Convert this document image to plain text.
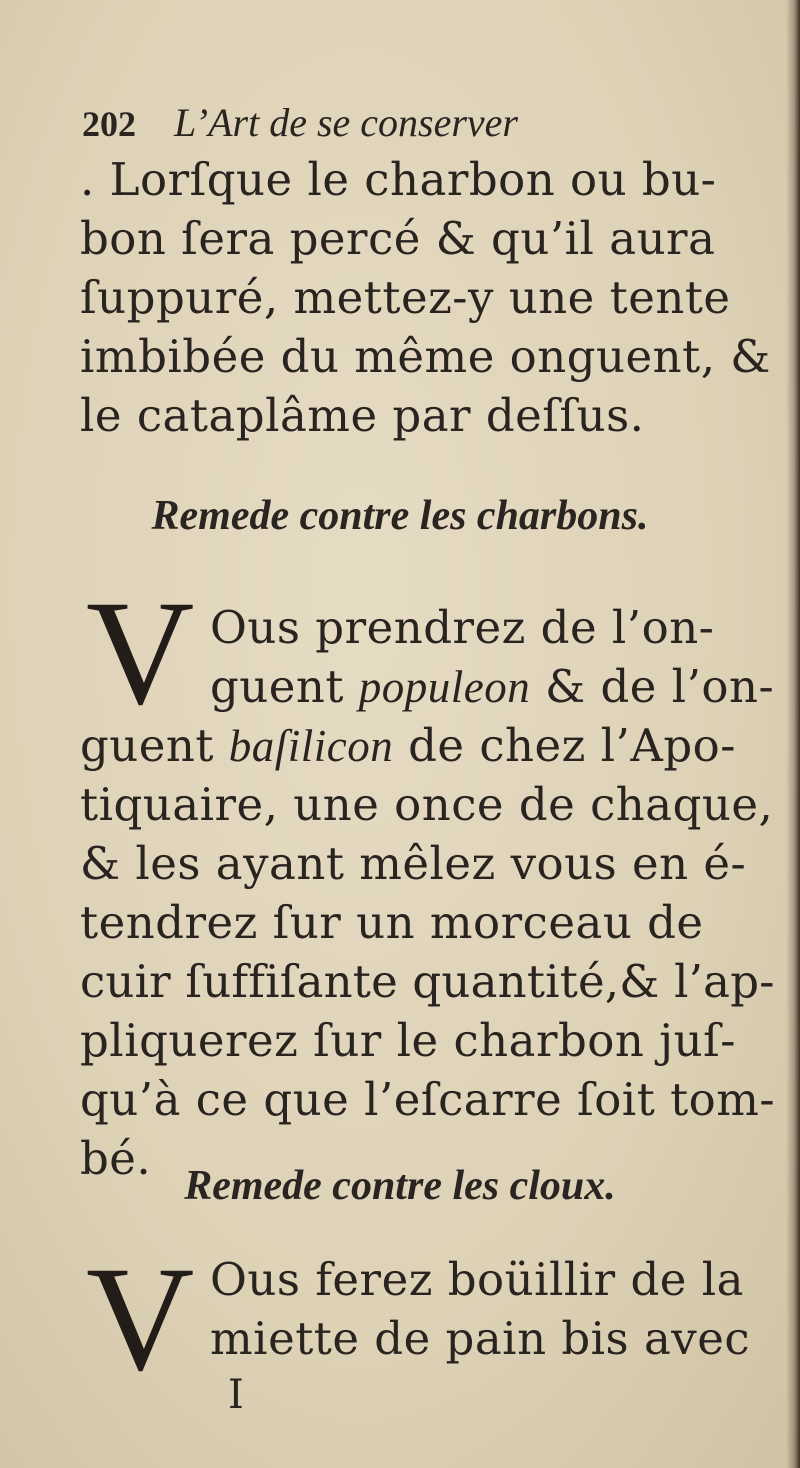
202 L’Art de se conserver
. Lorſque le charbon ou bu-
bon ſera percé & qu’il aura
ſuppuré, mettez-y une tente
imbibée du même onguent, &
le cataplâme par deſſus.
Remede contre les charbons.
V Ous prendrez de l’on-
guent populeon & de l’on-
guent baſilicon de chez l’Apo-
tiquaire, une once de chaque,
& les ayant mêlez vous en é-
tendrez ſur un morceau de
cuir ſuffiſante quantité,& l’ap-
pliquerez ſur le charbon juſ-
qu’à ce que l’eſcarre ſoit tom-
bé.
Remede contre les cloux.
V Ous ferez boüillir de la
miette de pain bis avec
I
